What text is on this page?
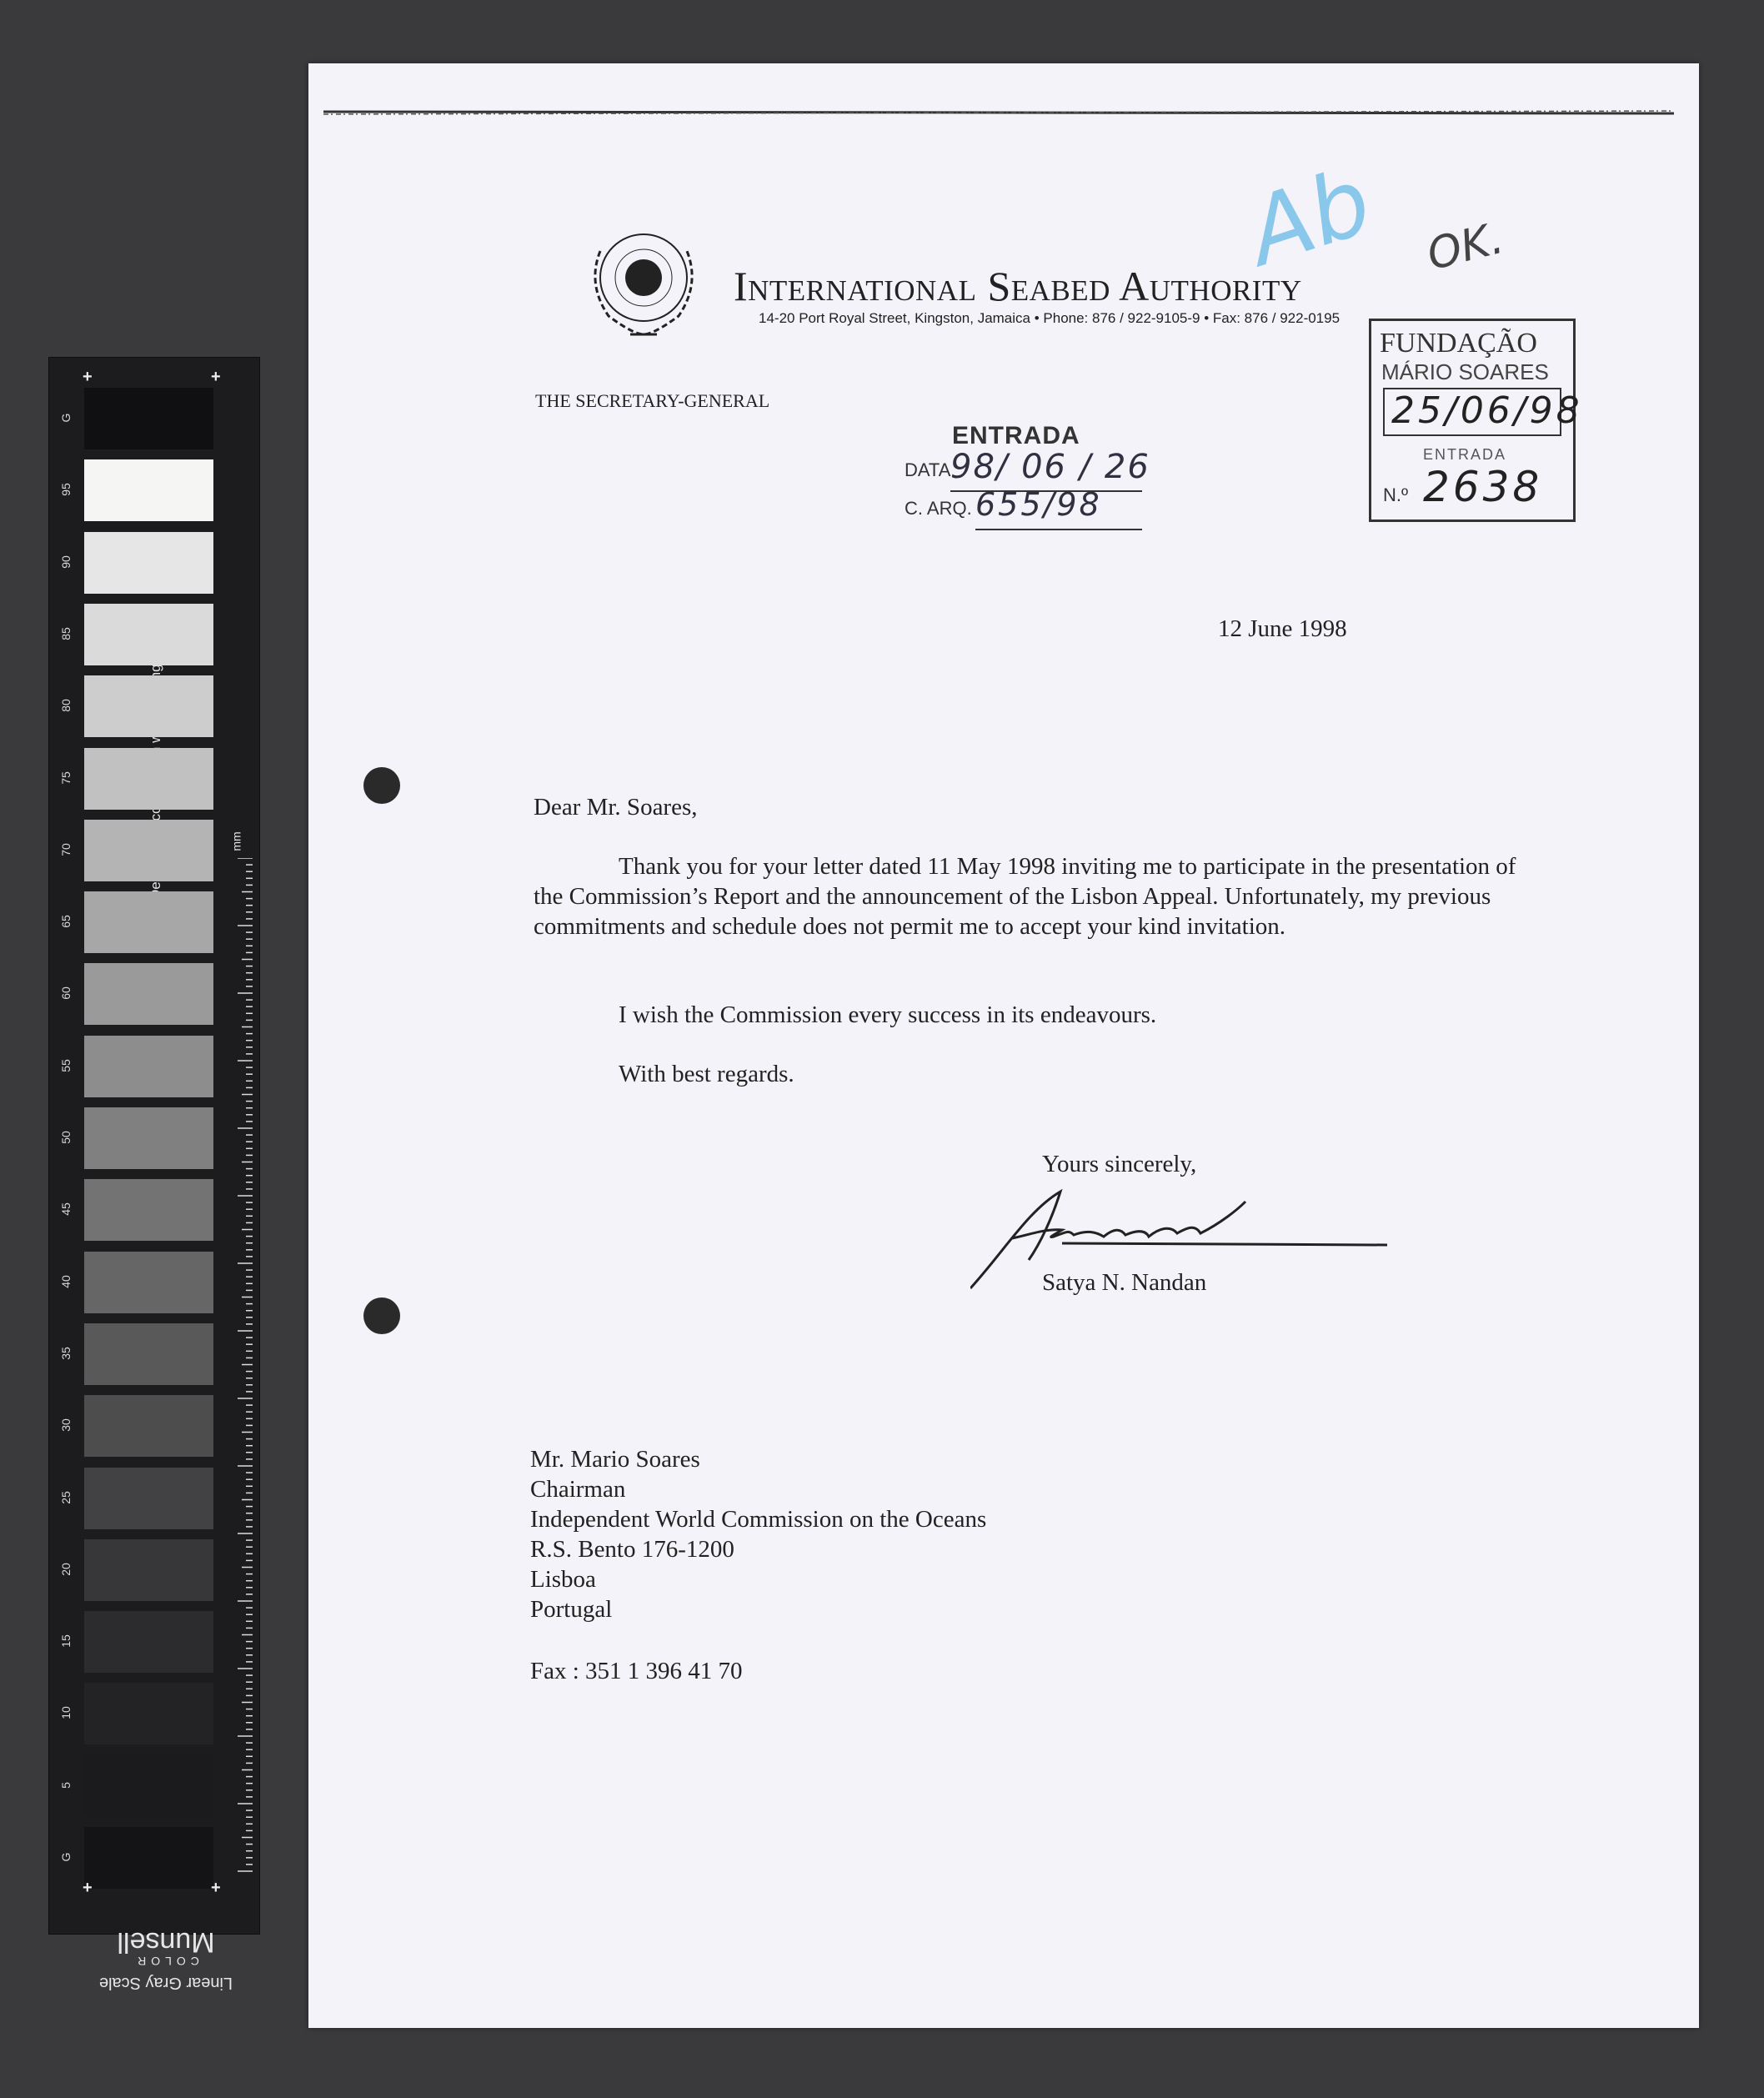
mm
G
95
90
85
80
75
70
65
60
55
50
45
40
35
30
25
20
15
10
5
G
+	+
+	+
Linear Gray Scale
COLOR
Munsell
International Seabed Authority
14-20 Port Royal Street, Kingston, Jamaica • Phone: 876 / 922-9105-9 • Fax: 876 / 922-0195
THE SECRETARY-GENERAL
ENTRADA
DATA 98/ 06 / 26
C. ARQ. 655/98
FUNDAÇÃO
MÁRIO SOARES
25/06/98
ENTRADA
N.º 2638
OK.
Ab
12 June 1998
Dear Mr. Soares,
Thank you for your letter dated 11 May 1998 inviting me to participate in the presentation of the Commission’s Report and the announcement of the Lisbon Appeal. Unfortunately, my previous commitments and schedule does not permit me to accept your kind invitation.
I wish the Commission every success in its endeavours.
With best regards.
Yours sincerely,
Satya N. Nandan
Mr. Mario Soares
Chairman
Independent World Commission on the Oceans
R.S. Bento 176-1200
Lisboa
Portugal
Fax : 351 1 396 41 70
